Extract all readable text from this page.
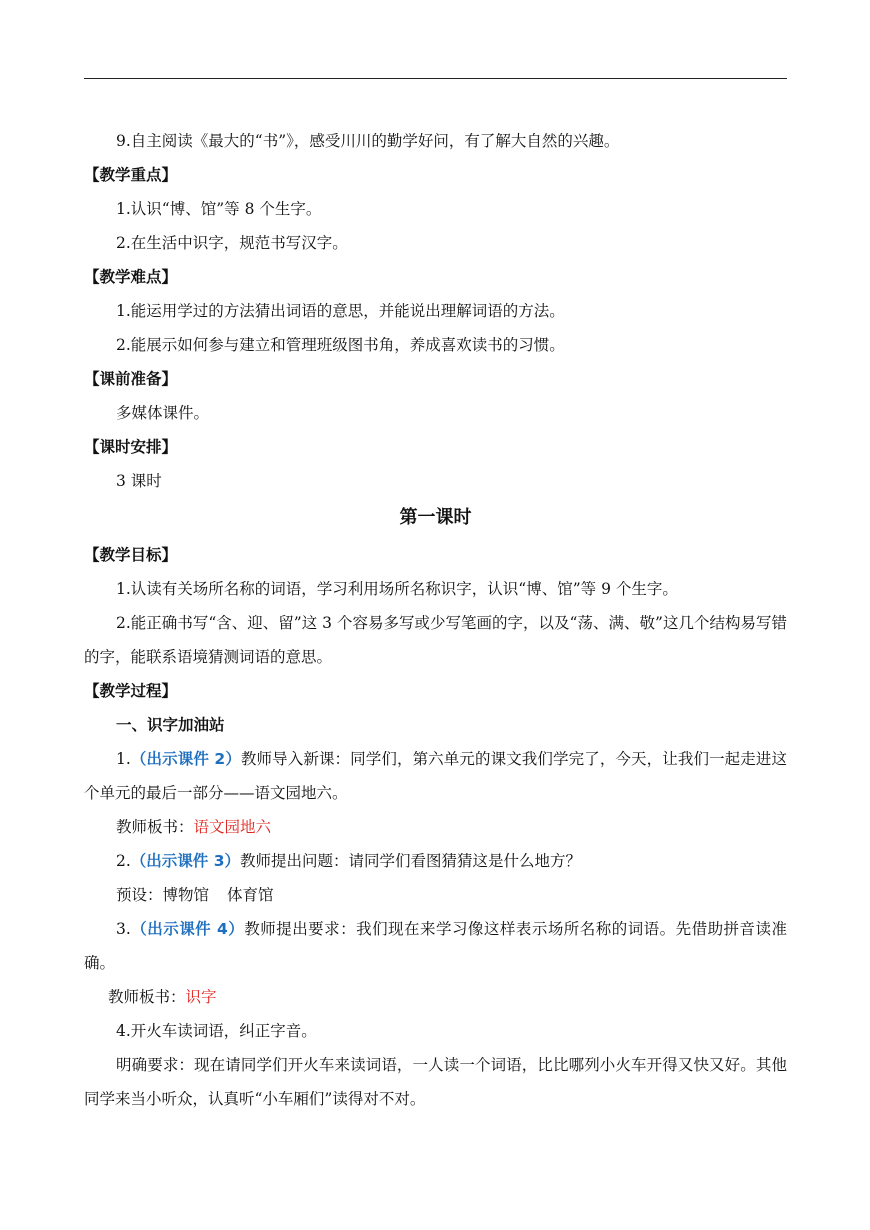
9.自主阅读《最大的“书”》，感受川川的勤学好问，有了解大自然的兴趣。
【教学重点】
1.认识“博、馆”等 8 个生字。
2.在生活中识字，规范书写汉字。
【教学难点】
1.能运用学过的方法猜出词语的意思，并能说出理解词语的方法。
2.能展示如何参与建立和管理班级图书角，养成喜欢读书的习惯。
【课前准备】
多媒体课件。
【课时安排】
3 课时
第一课时
【教学目标】
1.认读有关场所名称的词语，学习利用场所名称识字，认识“博、馆”等 9 个生字。
2.能正确书写“含、迎、留”这 3 个容易多写或少写笔画的字，以及“荡、满、敬”这几个结构易写错的字，能联系语境猜测词语的意思。
【教学过程】
一、识字加油站
1.（出示课件 2）教师导入新课：同学们，第六单元的课文我们学完了，今天，让我们一起走进这个单元的最后一部分——语文园地六。
教师板书：语文园地六
2.（出示课件 3）教师提出问题：请同学们看图猜猜这是什么地方？
预设：博物馆 体育馆
3.（出示课件 4）教师提出要求：我们现在来学习像这样表示场所名称的词语。先借助拼音读准确。
教师板书：识字
4.开火车读词语，纠正字音。
明确要求：现在请同学们开火车来读词语，一人读一个词语，比比哪列小火车开得又快又好。其他同学来当小听众，认真听“小车厢们”读得对不对。
